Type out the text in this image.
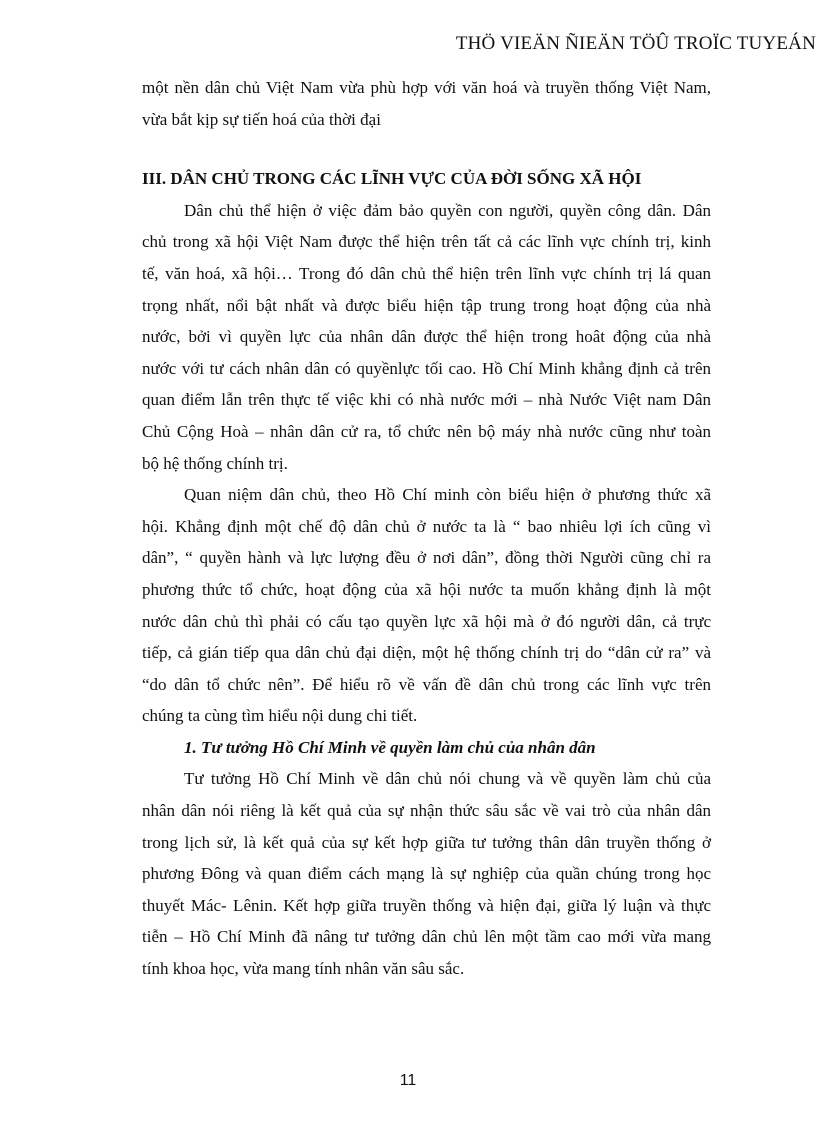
THÖ VIEÄN ÑIEÄN TÖÛ TROÏC TUYEÁN
một nền dân chủ Việt Nam vừa phù hợp với văn hoá và truyền thống Việt Nam,
vừa bắt kịp sự tiến hoá của thời đại
III. DÂN CHỦ TRONG CÁC LĨNH VỰC CỦA ĐỜI SỐNG XÃ HỘI
Dân chủ thể hiện ở việc đảm bảo quyền con người, quyền công dân. Dân
chủ trong xã hội Việt Nam được thể hiện trên tất cả các lĩnh vực chính trị, kinh
tế, văn hoá, xã hội… Trong đó dân chủ thể hiện trên lĩnh vực chính trị lá quan
trọng nhất, nổi bật nhất và được biểu hiện tập trung trong hoạt động của nhà
nước, bởi vì quyền lực của nhân dân được thể hiện trong hoât động của nhà
nước với tư cách nhân dân có quyềnlực tối cao. Hồ Chí Minh khẳng định cả trên
quan điểm lẫn trên thực tế việc khi có nhà nước mới – nhà Nước Việt nam Dân
Chủ Cộng Hoà – nhân dân cử ra, tổ chức nên bộ máy nhà nước cũng như toàn
bộ hệ thống chính trị.
Quan niệm dân chủ, theo Hồ Chí minh còn biểu hiện ở phương thức xã
hội. Khẳng định một chế độ dân chủ ở nước ta là “ bao nhiêu lợi ích cũng vì
dân”, “ quyền hành và lực lượng đều ở nơi dân”, đồng thời Người cũng chỉ ra
phương thức tổ chức, hoạt động của xã hội nước ta muốn khẳng định là một
nước dân chủ thì phải có cấu tạo quyền lực xã hội mà ở đó người dân, cả trực
tiếp, cả gián tiếp qua dân chủ đại diện, một hệ thống chính trị do “dân cử ra” và
“do dân tổ chức nên”. Để hiểu rõ về vấn đề dân chủ trong các lĩnh vực trên
chúng ta cùng tìm hiểu nội dung chi tiết.
1. Tư tưởng Hồ Chí Minh về quyền làm chủ của nhân dân
Tư tưởng Hồ Chí Minh về dân chủ nói chung và về quyền làm chủ của
nhân dân nói riêng là kết quả của sự nhận thức sâu sắc về vai trò của nhân dân
trong lịch sử, là kết quả của sự kết hợp giữa tư tưởng thân dân truyền thống ở
phương Đông và quan điểm cách mạng là sự nghiệp của quần chúng trong học
thuyết Mác- Lênin. Kết hợp giữa truyền thống và hiện đại, giữa lý luận và thực
tiễn – Hồ Chí Minh đã nâng tư tưởng dân chủ lên một tầm cao mới vừa mang
tính khoa học, vừa mang tính nhân văn sâu sắc.
11
